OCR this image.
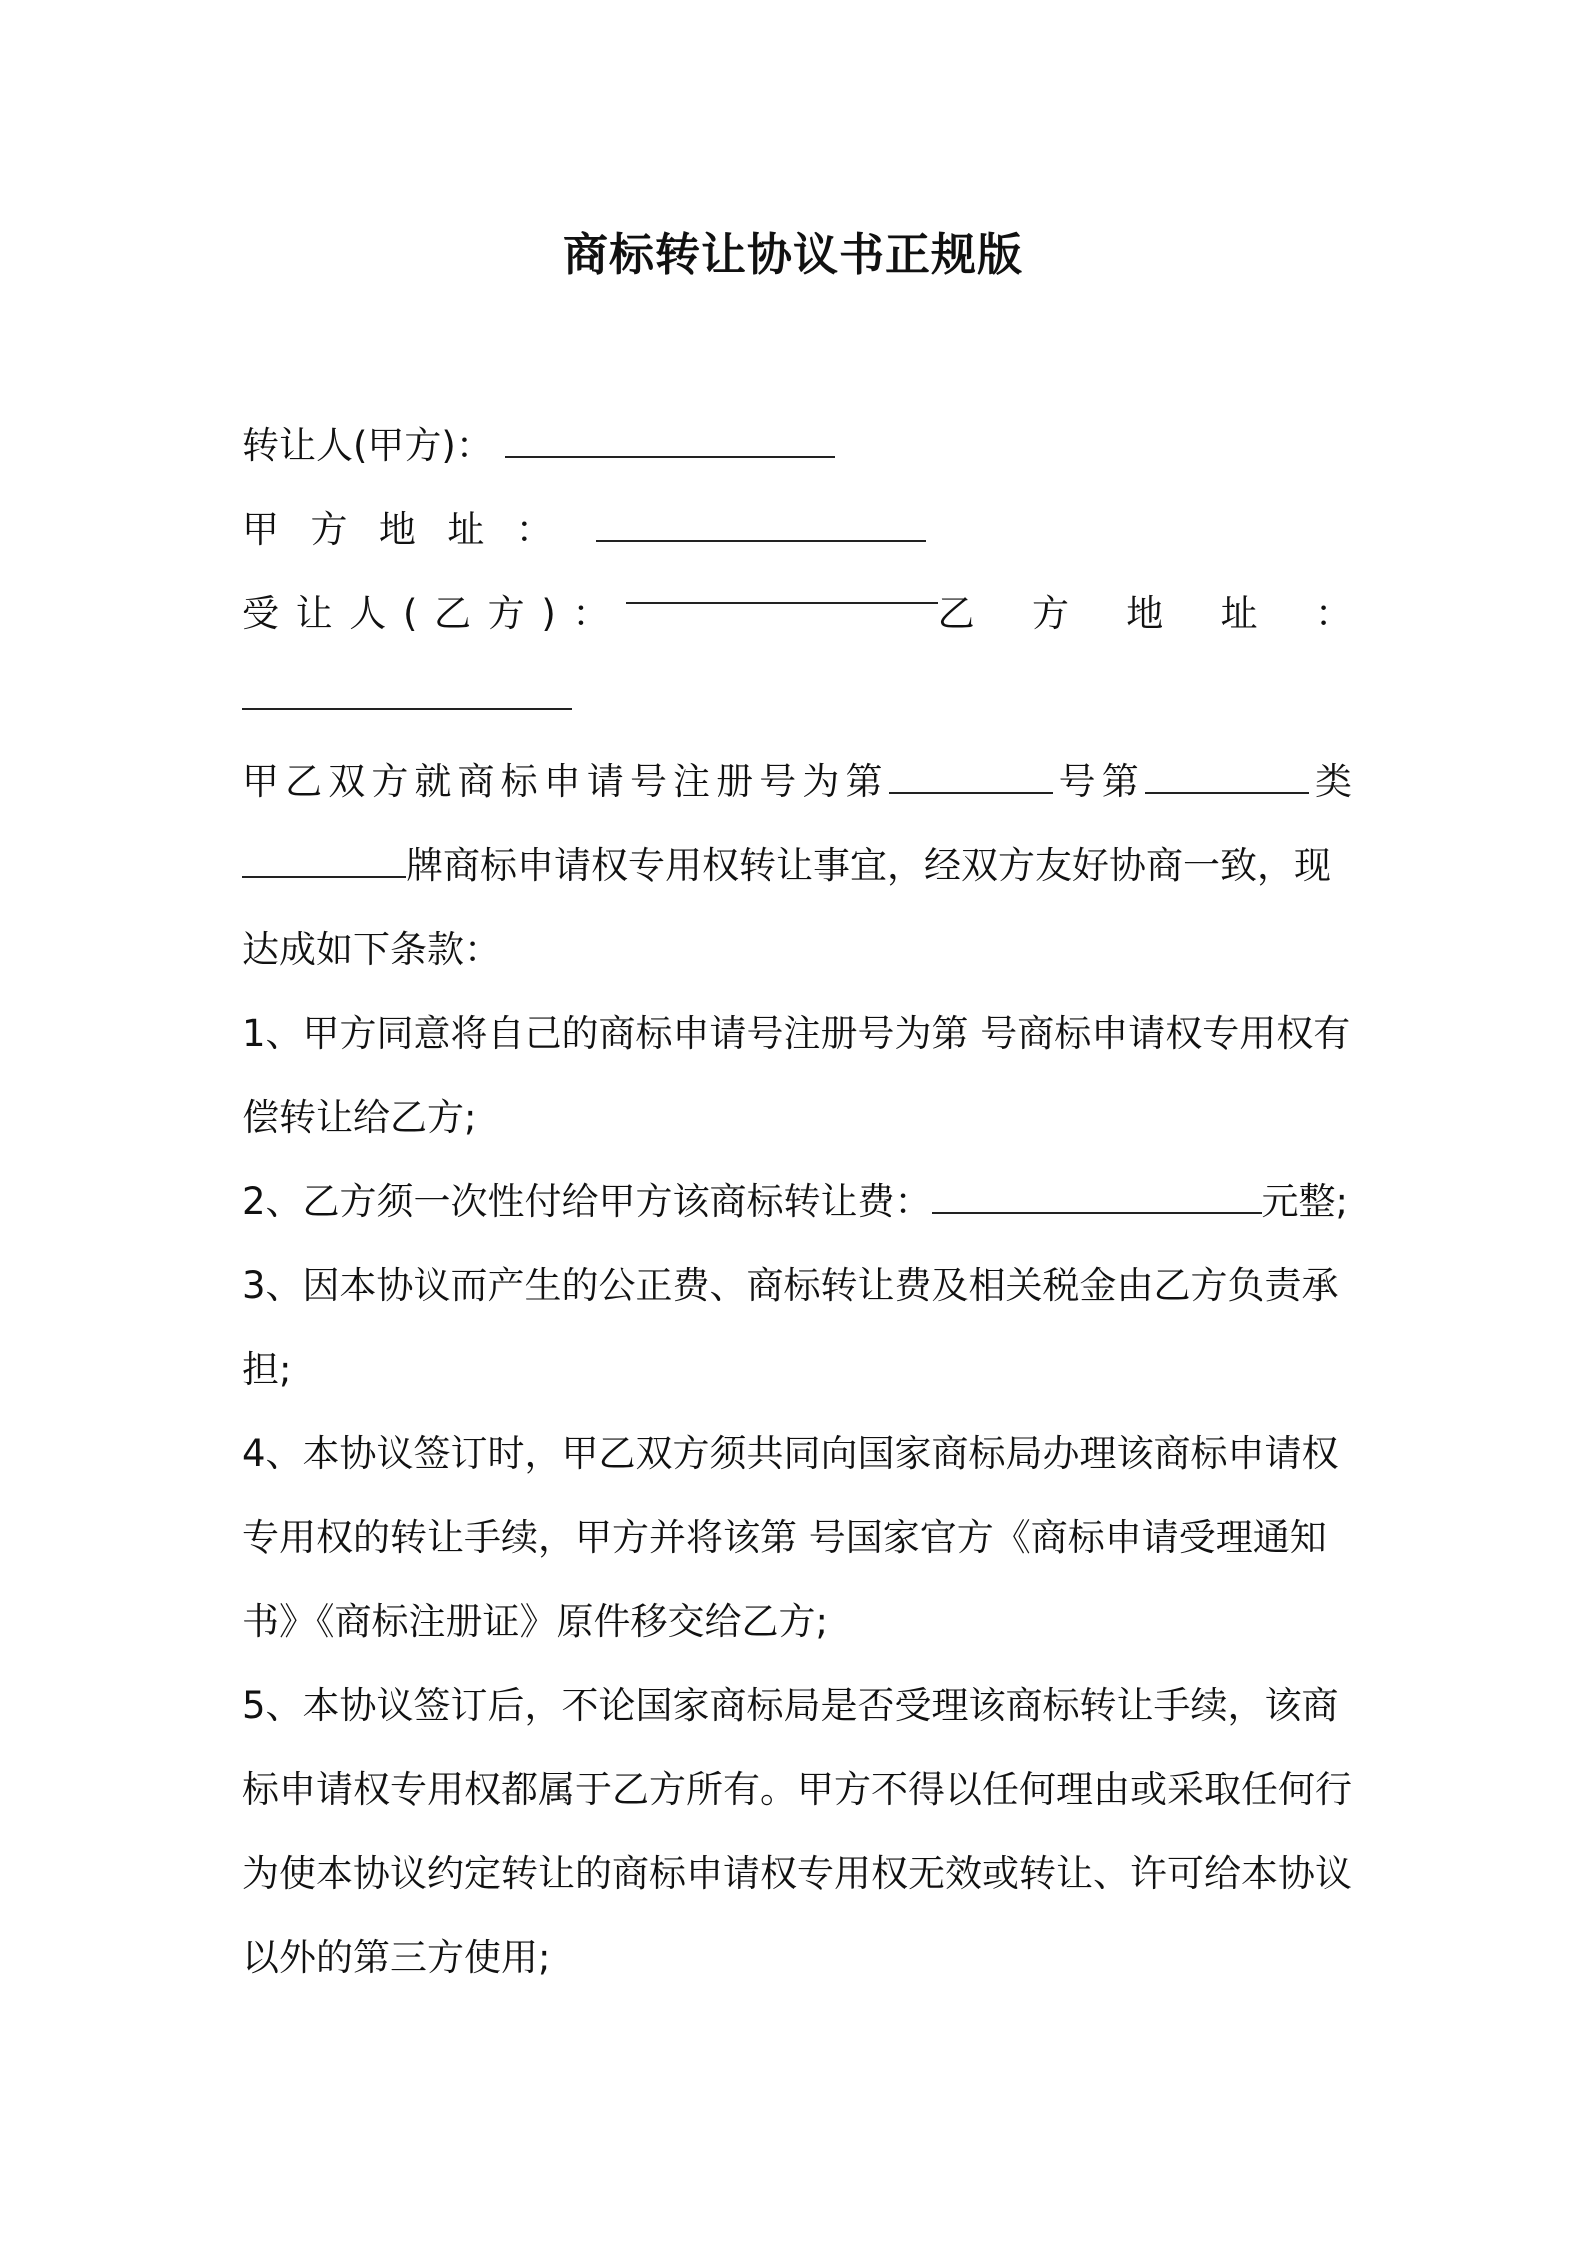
商标转让协议书正规版
转让人(甲方)：
甲方地址：
受让人(乙方)：	乙方地址：
甲乙双方就商标申请号注册号为第	号第	类
牌商标申请权专用权转让事宜，经双方友好协商一致，现
达成如下条款：
1、甲方同意将自己的商标申请号注册号为第 号商标申请权专用权有
偿转让给乙方;
2、乙方须一次性付给甲方该商标转让费：	元整;
3、因本协议而产生的公正费、商标转让费及相关税金由乙方负责承
担;
4、本协议签订时，甲乙双方须共同向国家商标局办理该商标申请权
专用权的转让手续，甲方并将该第 号国家官方《商标申请受理通知
书》《商标注册证》原件移交给乙方;
5、本协议签订后，不论国家商标局是否受理该商标转让手续，该商
标申请权专用权都属于乙方所有。甲方不得以任何理由或采取任何行
为使本协议约定转让的商标申请权专用权无效或转让、许可给本协议
以外的第三方使用;
